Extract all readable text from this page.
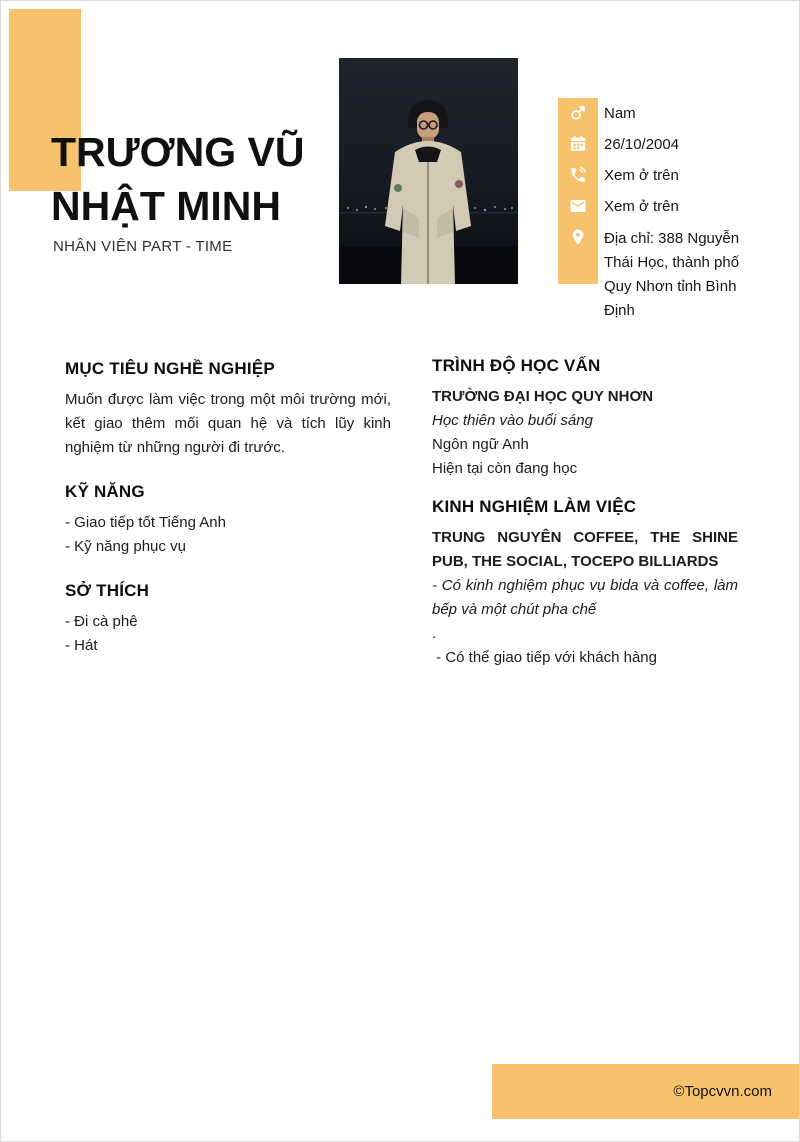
TRƯƠNG VŨ
NHẬT MINH
NHÂN VIÊN PART - TIME
Nam
26/10/2004
Xem ở trên
Xem ở trên
Địa chỉ: 388 Nguyễn Thái Học, thành phố Quy Nhơn tỉnh Bình Định
MỤC TIÊU NGHỀ NGHIỆP

Muốn được làm việc trong một môi trường mới, kết giao thêm mối quan hệ và tích lũy kinh nghiệm từ những người đi trước.

KỸ NĂNG
- Giao tiếp tốt Tiếng Anh
- Kỹ năng phục vụ
SỞ THÍCH
- Đi cà phê
- Hát
TRÌNH ĐỘ HỌC VẤN
TRƯỜNG ĐẠI HỌC QUY NHƠN
Học thiên vào buổi sáng
Ngôn ngữ Anh
Hiện tại còn đang học
KINH NGHIỆM LÀM VIỆC
TRUNG NGUYÊN COFFEE, THE SHINE PUB, THE SOCIAL, TOCEPO BILLIARDS
- Có kinh nghiệm phục vụ bida và coffee, làm bếp và một chút pha chế
.
- Có thể giao tiếp với khách hàng
©Topcvvn.com
